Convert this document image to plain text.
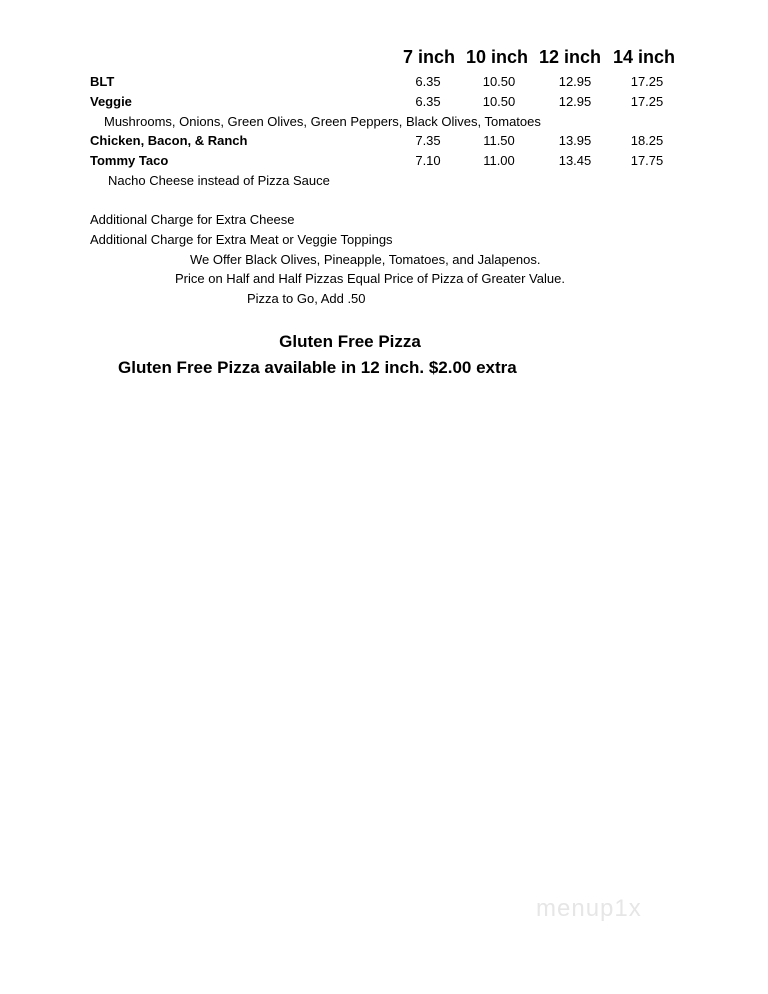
7 inch 10 inch 12 inch 14 inch
BLT	6.35	10.50	12.95	17.25
Veggie	6.35	10.50	12.95	17.25
Mushrooms, Onions, Green Olives, Green Peppers, Black Olives, Tomatoes
Chicken, Bacon, & Ranch	7.35	11.50	13.95	18.25
Tommy Taco	7.10	11.00	13.45	17.75
Nacho Cheese instead of Pizza Sauce
Additional Charge for Extra Cheese
Additional Charge for Extra Meat or Veggie Toppings
We Offer Black Olives, Pineapple, Tomatoes, and Jalapenos.
Price on Half and Half Pizzas Equal Price of Pizza of Greater Value.
Pizza to Go, Add .50
Gluten Free Pizza
Gluten Free Pizza available in 12 inch. $2.00 extra
menup1x
